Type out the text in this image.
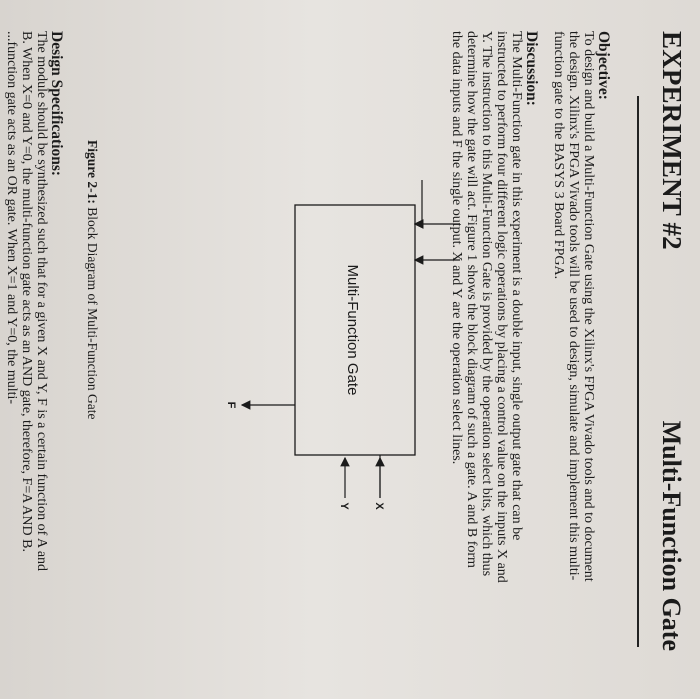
EXPERIMENT #2
Multi-Function Gate
Objective:
To design and build a Multi-Function Gate using the Xilinx's FPGA Vivado tools and to document
the design. Xilinx's FPGA Vivado tools will be used to design, simulate and implement this multi-
function gate to the BASYS 3 Board FPGA.
Discussion:
The Multi-Function gate in this experiment is a double input, single output gate that can be
instructed to perform four different logic operations by placing a control value on the inputs X and
Y. The instruction to this Multi-Function Gate is provided by the operation select bits, which thus
determine how the gate will act. Figure 1 shows the block diagram of such a gate. A and B form
the data inputs and F the single output. X and Y are the operation select lines.
Multi-Function Gate
F
X
Y
Figure 2-1: Block Diagram of Multi-Function Gate
Design Specifications:
The module should be synthesized such that for a given X and Y, F is a certain function of A and
B. When X=0 and Y=0, the multi-function gate acts as an AND gate, therefore, F=A AND B.
...function gate acts as an OR gate. When X=1 and Y=0, the multi-
